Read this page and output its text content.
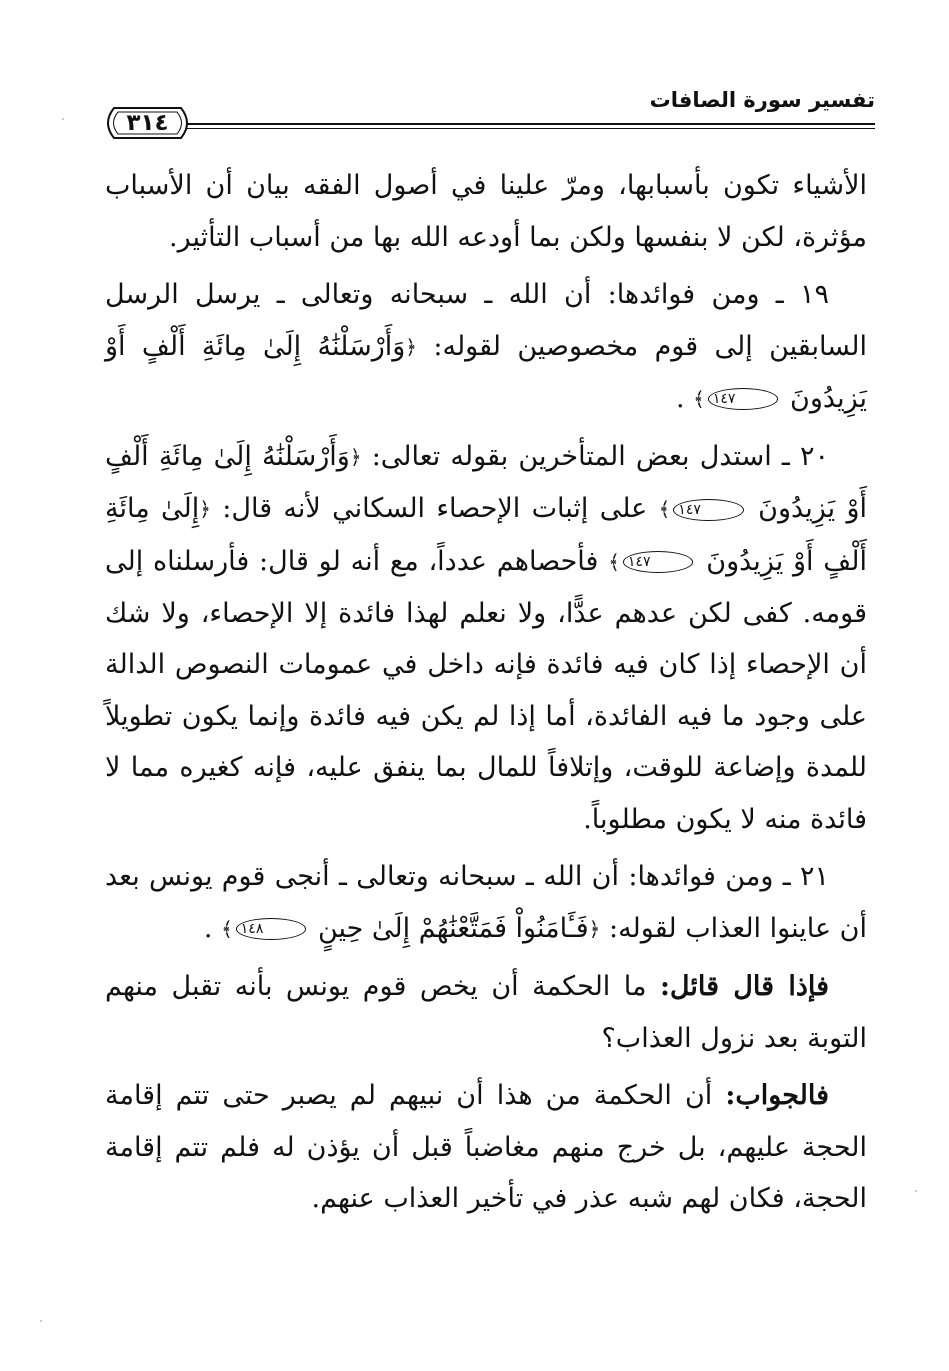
تفسير سورة الصافات
٣١٤

الأشياء تكون بأسبابها، ومرّ علينا في أصول الفقه بيان أن الأسباب مؤثرة، لكن لا بنفسها ولكن بما أودعه الله بها من أسباب التأثير.

١٩ ـ ومن فوائدها: أن الله ـ سبحانه وتعالى ـ يرسل الرسل السابقين إلى قوم مخصوصين لقوله: ﴿وَأَرْسَلْنَٰهُ إِلَىٰ مِائَةِ أَلْفٍ أَوْ يَزِيدُونَ ١٤٧﴾ .

٢٠ ـ استدل بعض المتأخرين بقوله تعالى: ﴿وَأَرْسَلْنَٰهُ إِلَىٰ مِائَةِ أَلْفٍ أَوْ يَزِيدُونَ ١٤٧﴾ على إثبات الإحصاء السكاني لأنه قال: ﴿إِلَىٰ مِائَةِ أَلْفٍ أَوْ يَزِيدُونَ ١٤٧﴾ فأحصاهم عدداً، مع أنه لو قال: فأرسلناه إلى قومه. كفى لكن عدهم عدًّا، ولا نعلم لهذا فائدة إلا الإحصاء، ولا شك أن الإحصاء إذا كان فيه فائدة فإنه داخل في عمومات النصوص الدالة على وجود ما فيه الفائدة، أما إذا لم يكن فيه فائدة وإنما يكون تطويلاً للمدة وإضاعة للوقت، وإتلافاً للمال بما ينفق عليه، فإنه كغيره مما لا فائدة منه لا يكون مطلوباً.

٢١ ـ ومن فوائدها: أن الله ـ سبحانه وتعالى ـ أنجى قوم يونس بعد أن عاينوا العذاب لقوله: ﴿فَـَٔامَنُواْ فَمَتَّعْنَٰهُمْ إِلَىٰ حِينٍ ١٤٨﴾ .

فإذا قال قائل: ما الحكمة أن يخص قوم يونس بأنه تقبل منهم التوبة بعد نزول العذاب؟

فالجواب: أن الحكمة من هذا أن نبيهم لم يصبر حتى تتم إقامة الحجة عليهم، بل خرج منهم مغاضباً قبل أن يؤذن له فلم تتم إقامة الحجة، فكان لهم شبه عذر في تأخير العذاب عنهم.
